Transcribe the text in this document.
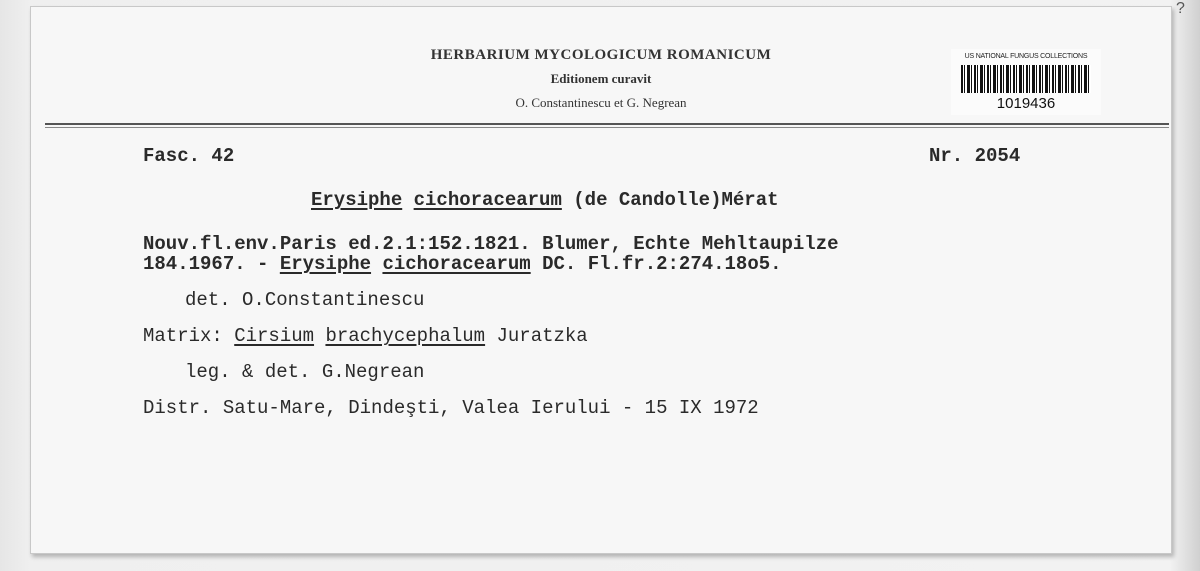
HERBARIUM MYCOLOGICUM ROMANICUM
Editionem curavit
O. Constantinescu et G. Negrean
US NATIONAL FUNGUS COLLECTIONS
1019436
Fasc. 42	Nr. 2054
Erysiphe cichoracearum (de Candolle)Mérat
Nouv.fl.env.Paris ed.2.1:152.1821. Blumer, Echte Mehltaupilze
184.1967. - Erysiphe cichoracearum DC. Fl.fr.2:274.18o5.
det. O.Constantinescu
Matrix: Cirsium brachycephalum Juratzka
leg. & det. G.Negrean
Distr. Satu-Mare, Dindeşti, Valea Ierului - 15 IX 1972
?
